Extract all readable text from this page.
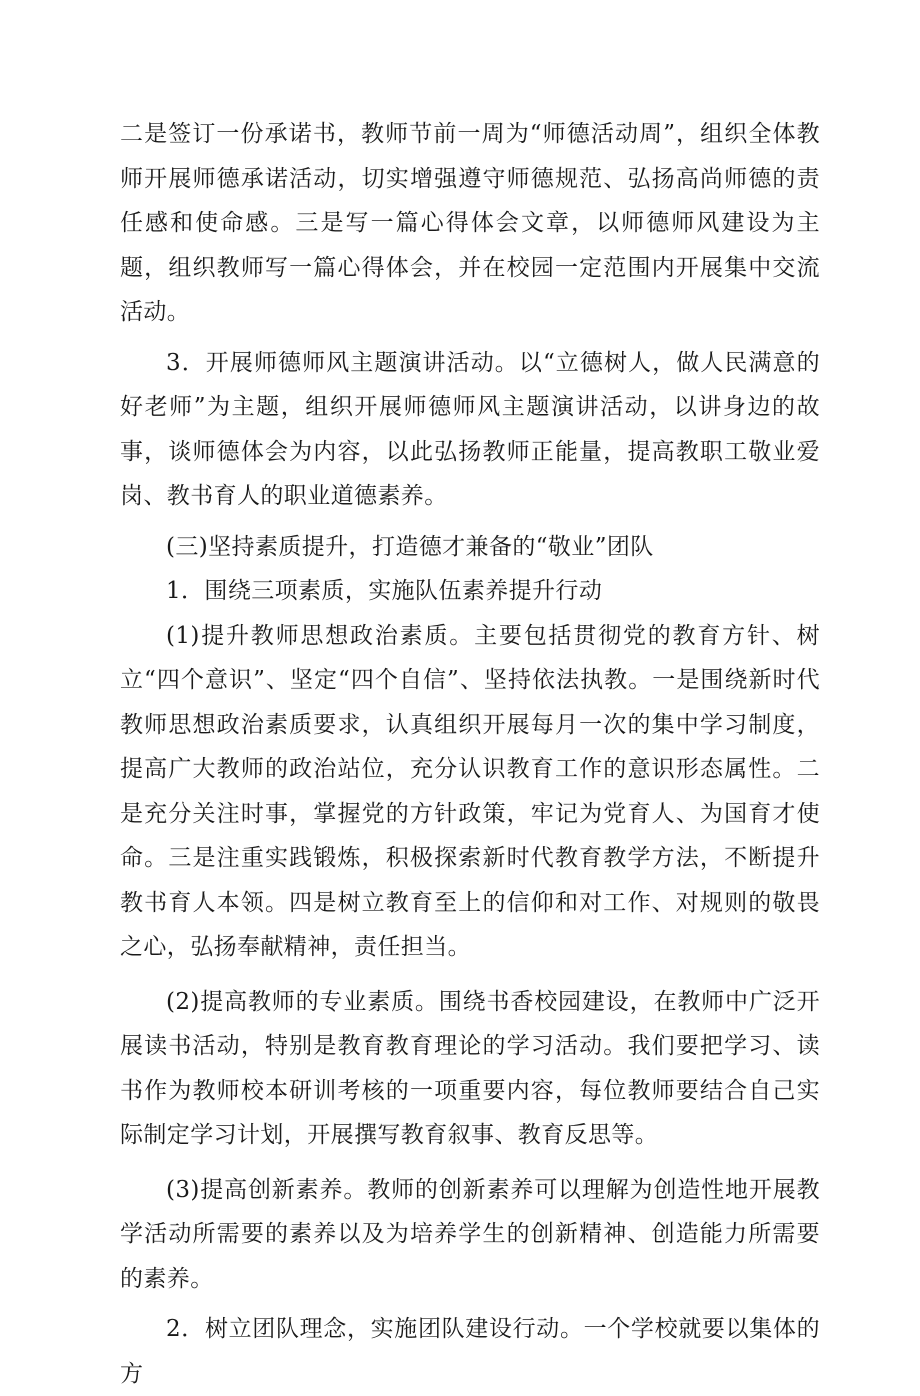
二是签订一份承诺书，教师节前一周为“师德活动周”，组织全体教师开展师德承诺活动，切实增强遵守师德规范、弘扬高尚师德的责任感和使命感。三是写一篇心得体会文章，以师德师风建设为主题，组织教师写一篇心得体会，并在校园一定范围内开展集中交流活动。

3．开展师德师风主题演讲活动。以“立德树人，做人民满意的好老师”为主题，组织开展师德师风主题演讲活动，以讲身边的故事，谈师德体会为内容，以此弘扬教师正能量，提高教职工敬业爱岗、教书育人的职业道德素养。

(三)坚持素质提升，打造德才兼备的“敬业”团队

1．围绕三项素质，实施队伍素养提升行动

(1)提升教师思想政治素质。主要包括贯彻党的教育方针、树立“四个意识”、坚定“四个自信”、坚持依法执教。一是围绕新时代教师思想政治素质要求，认真组织开展每月一次的集中学习制度，提高广大教师的政治站位，充分认识教育工作的意识形态属性。二是充分关注时事，掌握党的方针政策，牢记为党育人、为国育才使命。三是注重实践锻炼，积极探索新时代教育教学方法，不断提升教书育人本领。四是树立教育至上的信仰和对工作、对规则的敬畏之心，弘扬奉献精神，责任担当。

(2)提高教师的专业素质。围绕书香校园建设，在教师中广泛开展读书活动，特别是教育教育理论的学习活动。我们要把学习、读书作为教师校本研训考核的一项重要内容，每位教师要结合自己实际制定学习计划，开展撰写教育叙事、教育反思等。

(3)提高创新素养。教师的创新素养可以理解为创造性地开展教学活动所需要的素养以及为培养学生的创新精神、创造能力所需要的素养。

2．树立团队理念，实施团队建设行动。一个学校就要以集体的方
